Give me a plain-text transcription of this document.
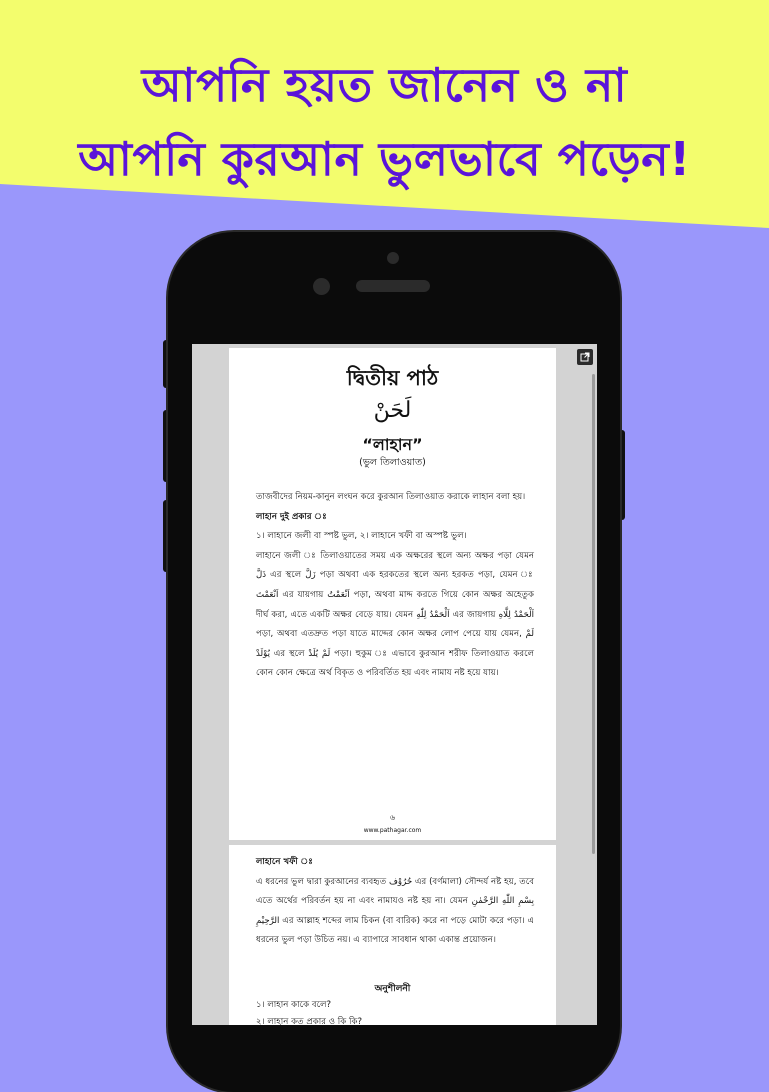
আপনি হয়ত জানেন ও না
আপনি কুরআন ভুলভাবে পড়েন!
দ্বিতীয় পাঠ
لَحَنْ
“লাহান”
(ভুল তিলাওয়াত)

তাজবীদের নিয়ম-কানুন লংঘন করে কুরআন তিলাওয়াত করাকে লাহান বলা হয়।

লাহান দুই প্রকার ঃ

১। লাহানে জলী বা স্পষ্ট ভুল, ২। লাহানে খফী বা অস্পষ্ট ভুল।

লাহানে জলী ঃ তিলাওয়াতের সময় এক অক্ষরের স্থলে অন্য অক্ষর পড়া যেমন ذَلَّ এর স্থলে زَلَّ পড়া অথবা এক হরকতের স্থলে অন্য হরকত পড়া, যেমন ঃ اَنْعَمْتَ এর যায়গায় اَنْعَمْتُ পড়া, অথবা মাদ্দ করতে গিয়ে কোন অক্ষর অহেতুক দীর্ঘ করা, এতে একটি অক্ষর বেড়ে যায়। যেমন اَلْحَمْدُ لِلّٰهِ এর জায়গায় اَلْحَمْدُ لِلَّاهِ পড়া, অথবা এতদ্রুত পড়া যাতে মাদ্দের কোন অক্ষর লোপ পেয়ে যায় যেমন, لَمْ يُوْلَدْ এর স্থলে لَمْ يُلَدْ পড়া। হুকুম ঃ এভাবে কুরআন শরীফ তিলাওয়াত করলে কোন কোন ক্ষেত্রে অর্থ বিকৃত ও পরিবর্তিত হয় এবং নামায নষ্ট হয়ে যায়।

৬
www.pathagar.com

লাহানে খফী ঃ

এ ধরনের ভুল দ্বারা কুরআনের ব্যবহৃত حُرُوْف এর (বর্ণমালা) সৌন্দর্য নষ্ট হয়, তবে এতে অর্থের পরিবর্তন হয় না এবং নামাযও নষ্ট হয় না। যেমন بِسْمِ اللّٰهِ الرَّحْمٰنِ الرَّحِيْمِ এর আল্লাহ শব্দের লাম চিকন (বা বারিক) করে না পড়ে মোটা করে পড়া। এ ধরনের ভুল পড়া উচিত নয়। এ ব্যাপারে সাবধান থাকা একান্ত প্রয়োজন।

অনুশীলনী
১। লাহান কাকে বলে?
২। লাহান কত প্রকার ও কি কি?
